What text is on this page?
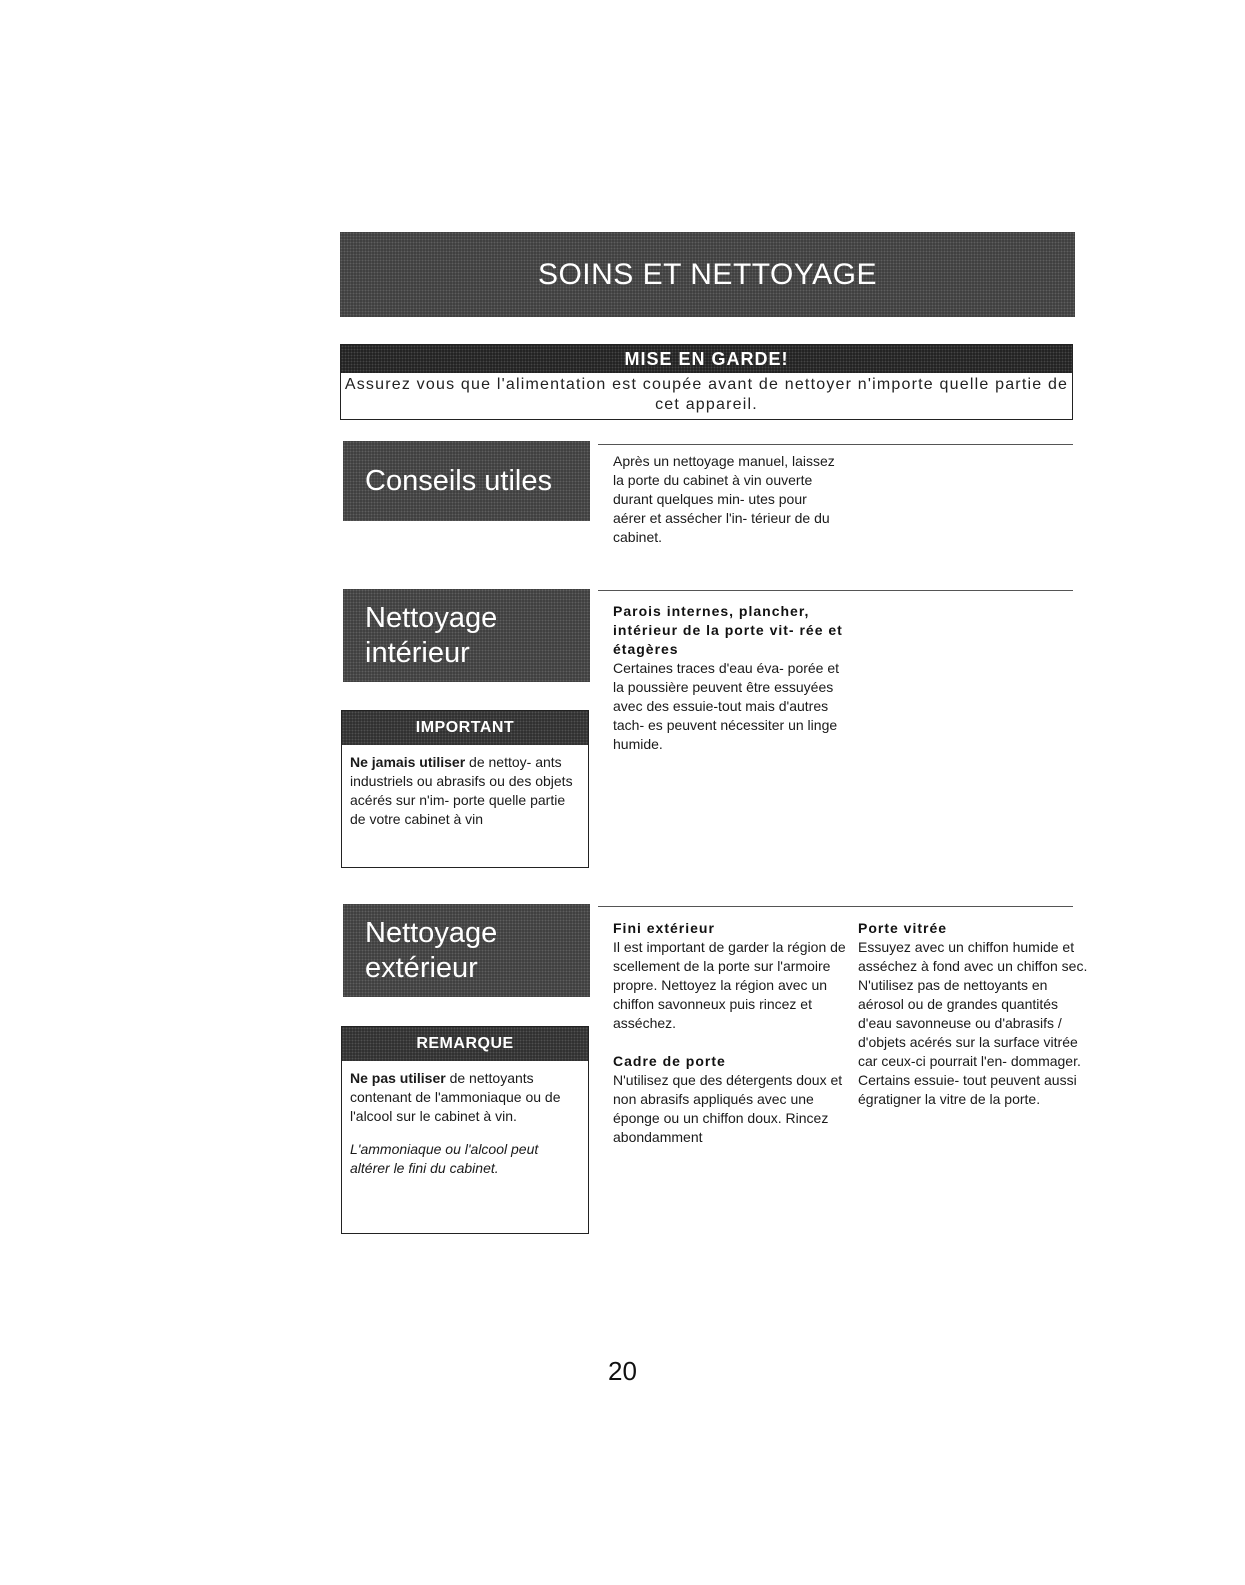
SOINS ET NETTOYAGE
MISE EN GARDE!
Assurez vous que l'alimentation est coupée avant de nettoyer n'importe quelle partie de cet appareil.
Conseils utiles
Après un nettoyage manuel, laissez la porte du cabinet à vin ouverte durant quelques min- utes pour aérer et assécher l'in- térieur de du cabinet.
Nettoyage
intérieur
Parois internes, plancher, intérieur de la porte vit- rée et étagères
Certaines traces d'eau éva- porée et la poussière peuvent être essuyées avec des essuie-tout mais d'autres tach- es peuvent nécessiter un linge humide.
IMPORTANT
Ne jamais utiliser de nettoy- ants industriels ou abrasifs ou des objets acérés sur n'im- porte quelle partie de votre cabinet à vin
Nettoyage
extérieur
Fini extérieur
Il est important de garder la région de scellement de la porte sur l'armoire propre. Nettoyez la région avec un chiffon savonneux puis rincez et asséchez.
Cadre de porte
N'utilisez que des détergents doux et non abrasifs appliqués avec une éponge ou un chiffon doux. Rincez abondamment
Porte vitrée
Essuyez avec un chiffon humide et asséchez à fond avec un chiffon sec. N'utilisez pas de nettoyants en aérosol ou de grandes quantités d'eau savonneuse ou d'abrasifs / d'objets acérés sur la surface vitrée car ceux-ci pourrait l'en- dommager. Certains essuie- tout peuvent aussi égratigner la vitre de la porte.
REMARQUE
Ne pas utiliser de nettoyants contenant de l'ammoniaque ou de l'alcool sur le cabinet à vin.
L'ammoniaque ou l'alcool peut altérer le fini du cabinet.
20
